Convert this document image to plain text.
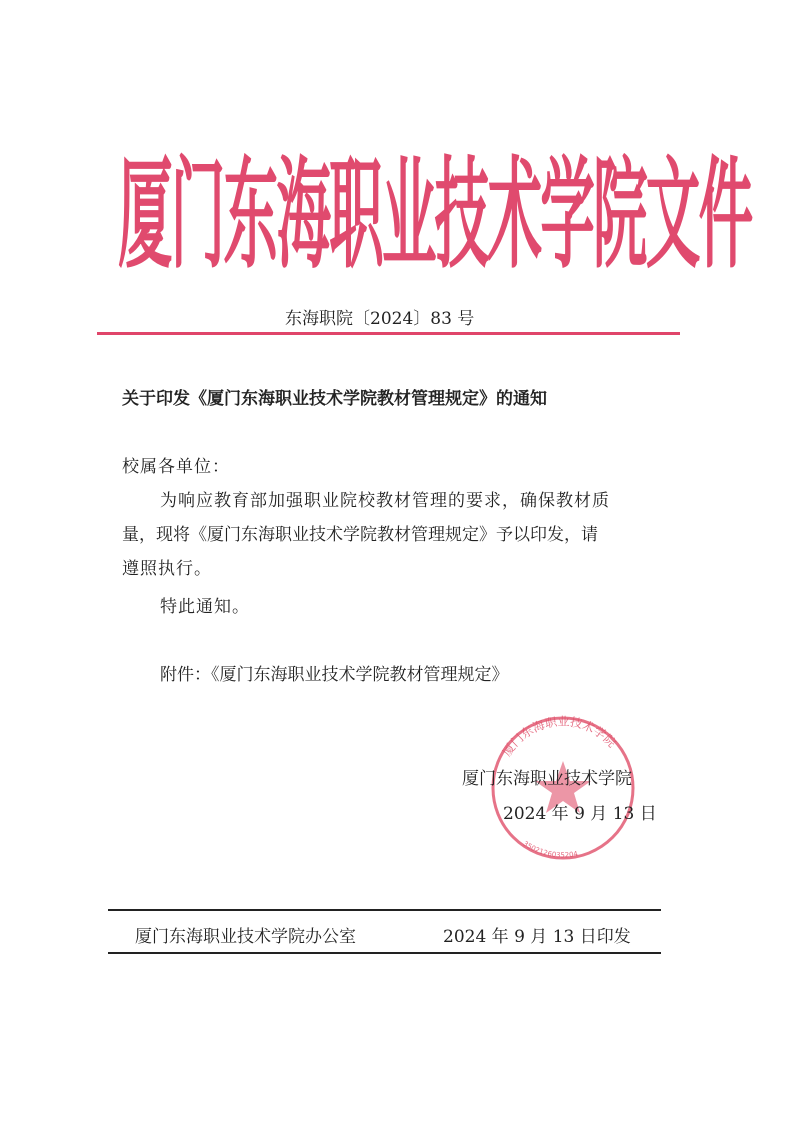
厦门东海职业技术学院文件
东海职院〔2024〕83 号
关于印发《厦门东海职业技术学院教材管理规定》的通知
校属各单位：
为响应教育部加强职业院校教材管理的要求，确保教材质
量，现将《厦门东海职业技术学院教材管理规定》予以印发，请
遵照执行。
特此通知。
附件：《厦门东海职业技术学院教材管理规定》
厦门东海职业技术学院
3502126035204
厦门东海职业技术学院
2024 年 9 月 13 日
厦门东海职业技术学院办公室	2024 年 9 月 13 日印发
